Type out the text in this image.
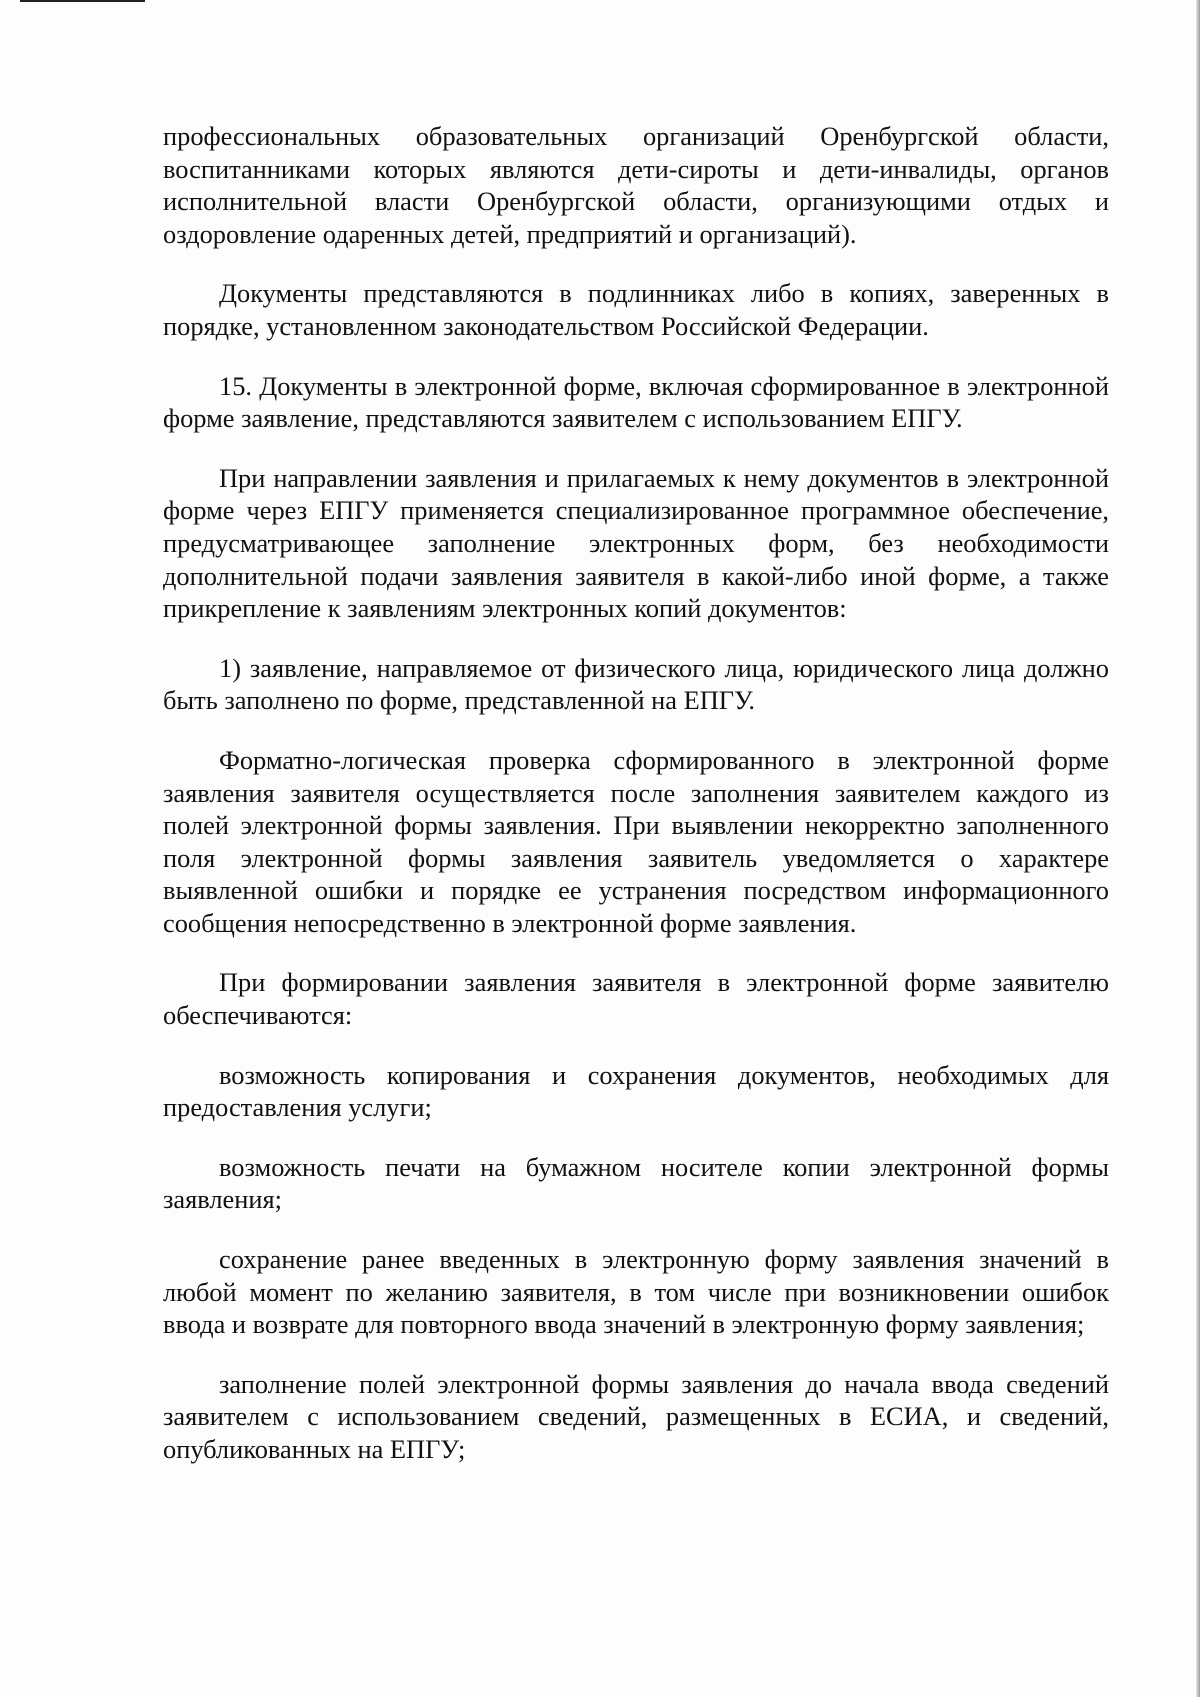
профессиональных образовательных организаций Оренбургской области, воспитанниками которых являются дети-сироты и дети-инвалиды, органов исполнительной власти Оренбургской области, организующими отдых и оздоровление одаренных детей, предприятий и организаций).

Документы представляются в подлинниках либо в копиях, заверенных в порядке, установленном законодательством Российской Федерации.

15. Документы в электронной форме, включая сформированное в электронной форме заявление, представляются заявителем с использованием ЕПГУ.

При направлении заявления и прилагаемых к нему документов в электронной форме через ЕПГУ применяется специализированное программное обеспечение, предусматривающее заполнение электронных форм, без необходимости дополнительной подачи заявления заявителя в какой-либо иной форме, а также прикрепление к заявлениям электронных копий документов:

1) заявление, направляемое от физического лица, юридического лица должно быть заполнено по форме, представленной на ЕПГУ.

Форматно-логическая проверка сформированного в электронной форме заявления заявителя осуществляется после заполнения заявителем каждого из полей электронной формы заявления. При выявлении некорректно заполненного поля электронной формы заявления заявитель уведомляется о характере выявленной ошибки и порядке ее устранения посредством информационного сообщения непосредственно в электронной форме заявления.

При формировании заявления заявителя в электронной форме заявителю обеспечиваются:

возможность копирования и сохранения документов, необходимых для предоставления услуги;

возможность печати на бумажном носителе копии электронной формы заявления;

сохранение ранее введенных в электронную форму заявления значений в любой момент по желанию заявителя, в том числе при возникновении ошибок ввода и возврате для повторного ввода значений в электронную форму заявления;

заполнение полей электронной формы заявления до начала ввода сведений заявителем с использованием сведений, размещенных в ЕСИА, и сведений, опубликованных на ЕПГУ;
